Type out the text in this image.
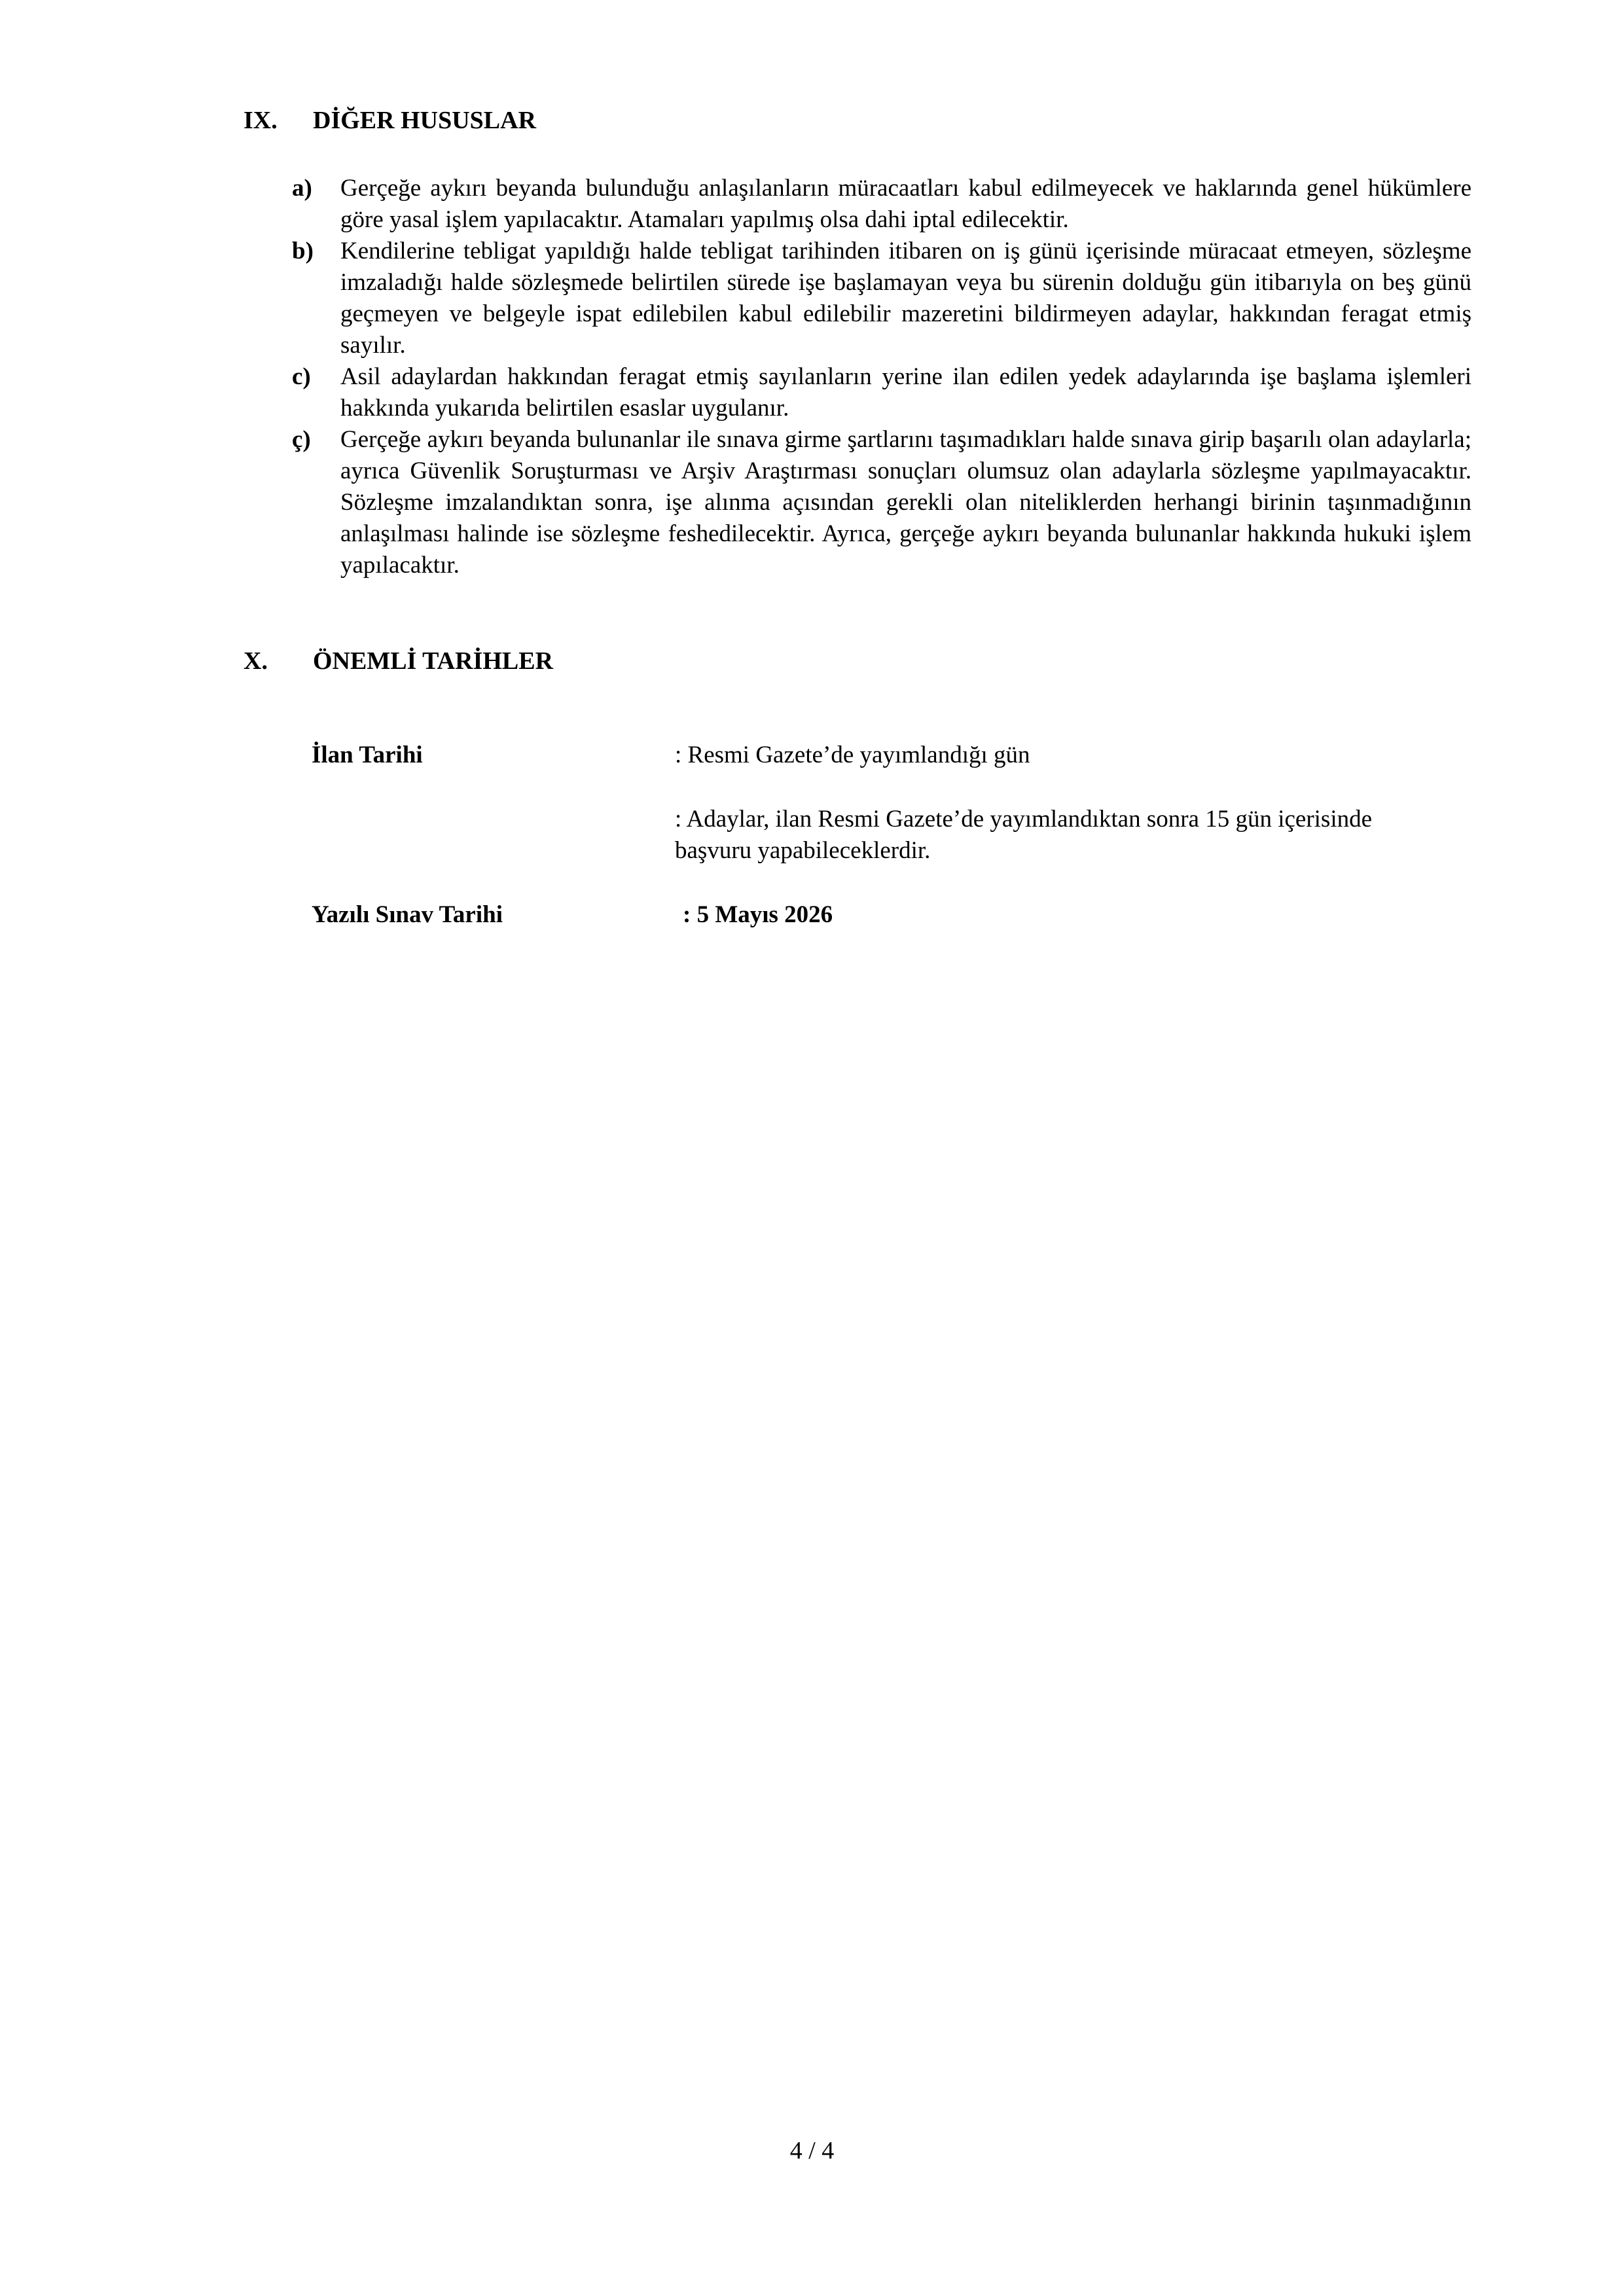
IX.	DİĞER HUSUSLAR
a)	Gerçeğe aykırı beyanda bulunduğu anlaşılanların müracaatları kabul edilmeyecek ve haklarında genel hükümlere göre yasal işlem yapılacaktır. Atamaları yapılmış olsa dahi iptal edilecektir.
b)	Kendilerine tebligat yapıldığı halde tebligat tarihinden itibaren on iş günü içerisinde müracaat etmeyen, sözleşme imzaladığı halde sözleşmede belirtilen sürede işe başlamayan veya bu sürenin dolduğu gün itibarıyla on beş günü geçmeyen ve belgeyle ispat edilebilen kabul edilebilir mazeretini bildirmeyen adaylar, hakkından feragat etmiş sayılır.
c)	Asil adaylardan hakkından feragat etmiş sayılanların yerine ilan edilen yedek adaylarında işe başlama işlemleri hakkında yukarıda belirtilen esaslar uygulanır.
ç)	Gerçeğe aykırı beyanda bulunanlar ile sınava girme şartlarını taşımadıkları halde sınava girip başarılı olan adaylarla; ayrıca Güvenlik Soruşturması ve Arşiv Araştırması sonuçları olumsuz olan adaylarla sözleşme yapılmayacaktır. Sözleşme imzalandıktan sonra, işe alınma açısından gerekli olan niteliklerden herhangi birinin taşınmadığının anlaşılması halinde ise sözleşme feshedilecektir. Ayrıca, gerçeğe aykırı beyanda bulunanlar hakkında hukuki işlem yapılacaktır.
X.	ÖNEMLİ TARİHLER
İlan Tarihi	: Resmi Gazete’de yayımlandığı gün
: Adaylar, ilan Resmi Gazete’de yayımlandıktan sonra 15 gün içerisinde başvuru yapabileceklerdir.
Yazılı Sınav Tarihi	: 5 Mayıs 2026
4 / 4
